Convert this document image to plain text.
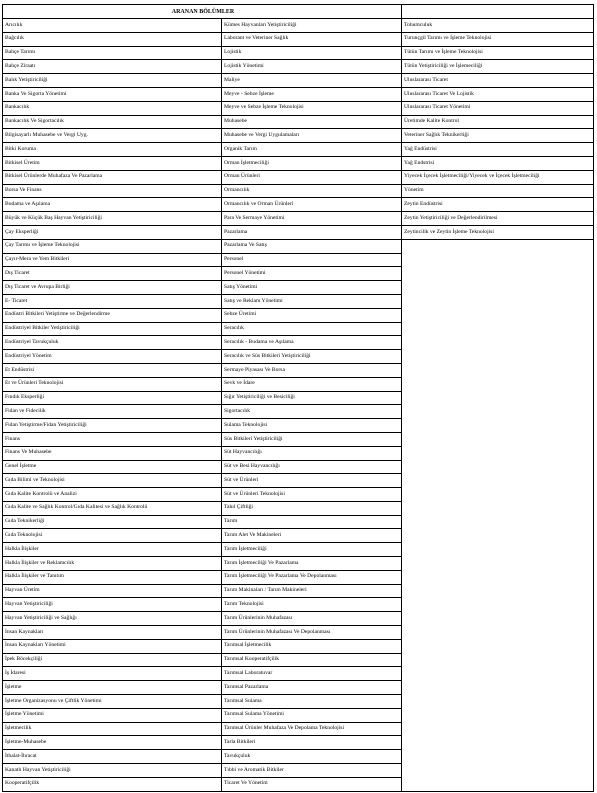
ARANAN BÖLÜMLER		
Arıcılık	Kümes Hayvanları Yetiştiriciliği	Tohumculuk
Bağcılık	Laborant ve Veteriner Sağlık	Turunçgil Tarımı ve İşleme Teknolojisi
Bahçe Tarımı	Lojistik	Tütün Tarımı ve İşleme Teknolojisi
Bahçe Ziraatı	Lojistik Yönetimi	Tütün Yetiştiriciliği ve İşlemeciliği
Balık Yetiştiriciliği	Maliye	Uluslararası Ticaret
Banka Ve Sigorta Yönetimi	Meyve - Sebze İşleme	Uluslararası Ticaret Ve Lojistik
Bankacılık	Meyve ve Sebze İşleme Teknolojisi	Uluslararası Ticaret Yönetimi
Bankacılık Ve Sigortacılık	Muhasebe	Üretimde Kalite Kontrol
Bilgisayarlı Muhasebe ve Vergi Uyg.	Muhasebe ve Vergi Uygulamaları	Veteriner Sağlık Teknikerliği
Bitki Koruma	Organik Tarım	Yağ Endüstrisi
Bitkisel Üretim	Orman İşletmeciliği	Yağ Endstrisi
Bitkisel Ürünlerde Muhafaza Ve Pazarlama	Orman Ürünleri	Yiyecek İçecek İşletmeciliği/Yiyecek ve İçecek İşletmeciliği
Borsa Ve Finans	Ormancılık	Yönetim
Budama ve Aşılama	Ormancılık ve Orman Ürünleri	Zeytin Endüstrisi
Büyük ve Küçük Baş Hayvan Yetiştiriciliği	Para Ve Sermaye Yönetimi	Zeytin Yetiştiriciliği ve Değerlendirilmesi
Çay Eksperliği	Pazarlama	Zeytincilik ve Zeytin İşleme Teknolojisi
Çay Tarımı ve İşleme Teknolojisi	Pazarlama Ve Satış	
Çayır-Mera ve Yem Bitkileri	Personel	
Dış Ticaret	Personel Yönetimi	
Dış Ticaret ve Avrupa Birliği	Satış Yönetimi	
E- Ticaret	Satış ve Reklam Yönetimi	
Endüstri Bitkileri Yetiştirme ve Değerlendirme	Sebze Üretimi	
Endüstriyel Bitkiler Yetiştiriciliği	Seracılık	
Endüstriyel Tavukçuluk	Seracılık - Budama ve Aşılama	
Endüstriyel Yönetim	Seracılık ve Süs Bitkileri Yetiştiriciliği	
Et Endüstrisi	Sermaye Piyasası Ve Borsa	
Et ve Ürünleri Teknolojisi	Sevk ve İdare	
Fındık Eksperliği	Sığır Yetiştiriciliği ve Besiciliği	
Fidan ve Fidecilik	Sigortacılık	
Fidan Yetiştirme/Fidan Yetiştiriciliği	Sulama Teknolojisi	
Finans	Süs Bitkileri Yetiştiriciliği	
Finans Ve Muhasebe	Süt Hayvancılığı	
Genel İşletme	Süt ve Besi Hayvancılığı	
Gıda Bilimi ve Teknolojisi	Süt ve Ürünleri	
Gıda Kalite Kontrolü ve Analizi	Süt ve Ürünleri Teknolojisi	
Gıda Kalite ve Sağlık Kontrol/Gıda Kalitesi ve Sağlık Kontrolü	Tahıl Çiftliği	
Gıda Teknikerliği	Tarım	
Gıda Teknolojisi	Tarım Alet Ve Makineleri	
Halkla İlişkiler	Tarım İşletmeciliği	
Halkla İlişkiler ve Reklamcılık	Tarım İşletmeciliği Ve Pazarlama	
Halkla İlişkiler ve Tanıtım	Tarım İşletmeciliği Ve Pazarlama Ve Depolanması	
Hayvan Üretim	Tarım Makinaları / Tarım Makineleri	
Hayvan Yetiştiriciliği	Tarım Teknolojisi	
Hayvan Yetiştiriciliği ve Sağlığı	Tarım Ürünlerinin Muhafazası	
İnsan Kaynakları	Tarım Ürünlerinin Muhafazası Ve Depolanması	
İnsan Kaynakları Yönetimi	Tarımsal İşletmecilik	
İpek Böcekçiliği	Tarımsal Kooperatifçilik	
İş İdaresi	Tarımsal Laboratuvar	
İşletme	Tarımsal Pazarlama	
İşletme Organizasyonu ve Çiftlik Yönetimi	Tarımsal Sulama	
İşletme Yönetimi	Tarımsal Sulama Yönetimi	
İşletmecilik	Tarımsal Ürünler Muhafaza Ve Depolama Teknolojisi	
İşletme-Muhasebe	Tarla Bitkileri	
İthalat-İhracat	Tavukçuluk	
Kanatlı Hayvan Yetiştiriciliği	Tıbbi ve Aromatik Bitkiler	
Kooperatifçilik	Ticaret Ve Yönetim	
